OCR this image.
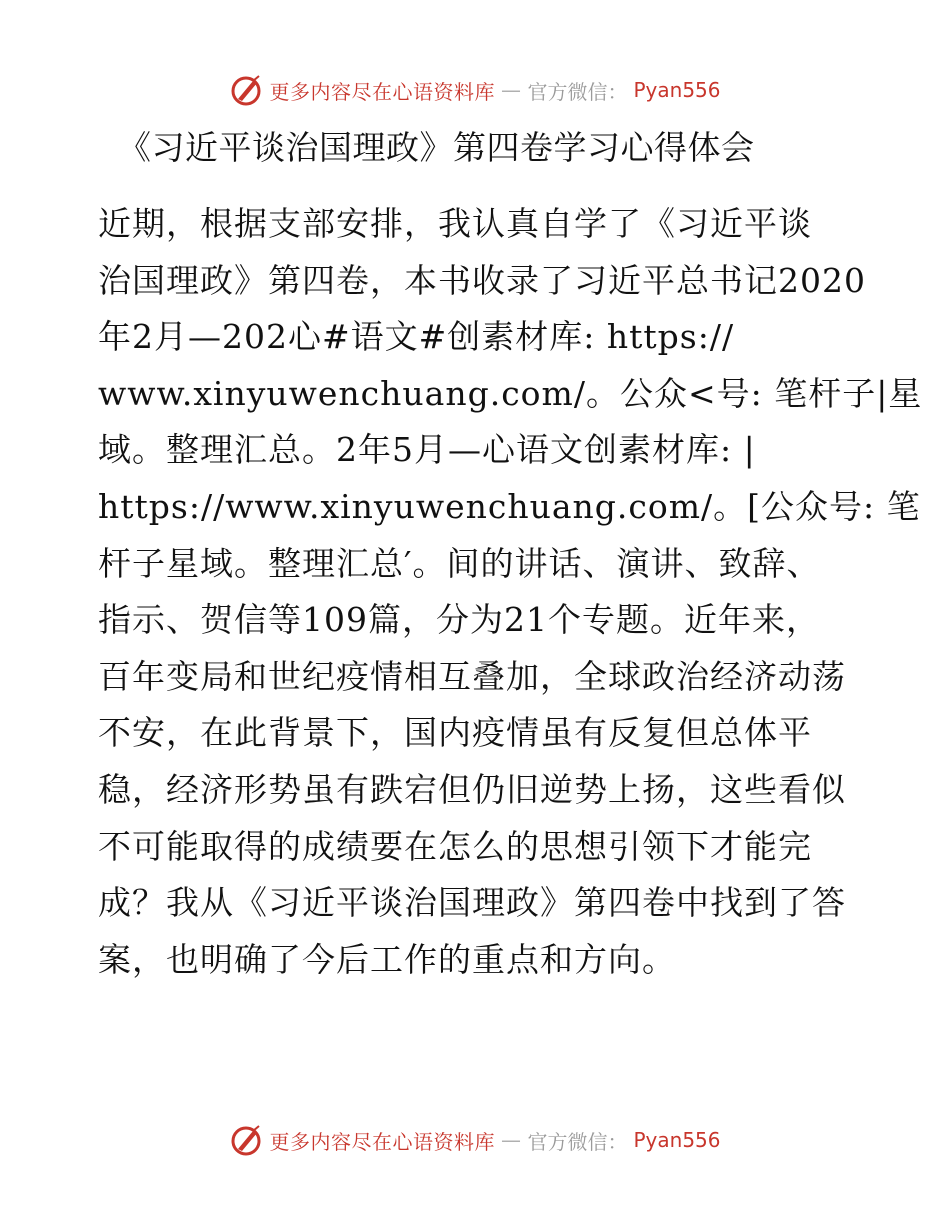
更多内容尽在心语资料库 — 官方微信： Pyan556
《习近平谈治国理政》第四卷学习心得体会
近期，根据支部安排，我认真自学了《习近平谈
治国理政》第四卷，本书收录了习近平总书记2020
年2月—202心#语文#创素材库: https://
www.xinyuwenchuang.com/。公众<号: 笔杆子|星
域。整理汇总。2年5月—心语文创素材库: |
https://www.xinyuwenchuang.com/。[公众号: 笔
杆子星域。整理汇总′。间的讲话、演讲、致辞、
指示、贺信等109篇，分为21个专题。近年来，
百年变局和世纪疫情相互叠加，全球政治经济动荡
不安，在此背景下，国内疫情虽有反复但总体平
稳，经济形势虽有跌宕但仍旧逆势上扬，这些看似
不可能取得的成绩要在怎么的思想引领下才能完
成？我从《习近平谈治国理政》第四卷中找到了答
案，也明确了今后工作的重点和方向。
更多内容尽在心语资料库 — 官方微信： Pyan556
